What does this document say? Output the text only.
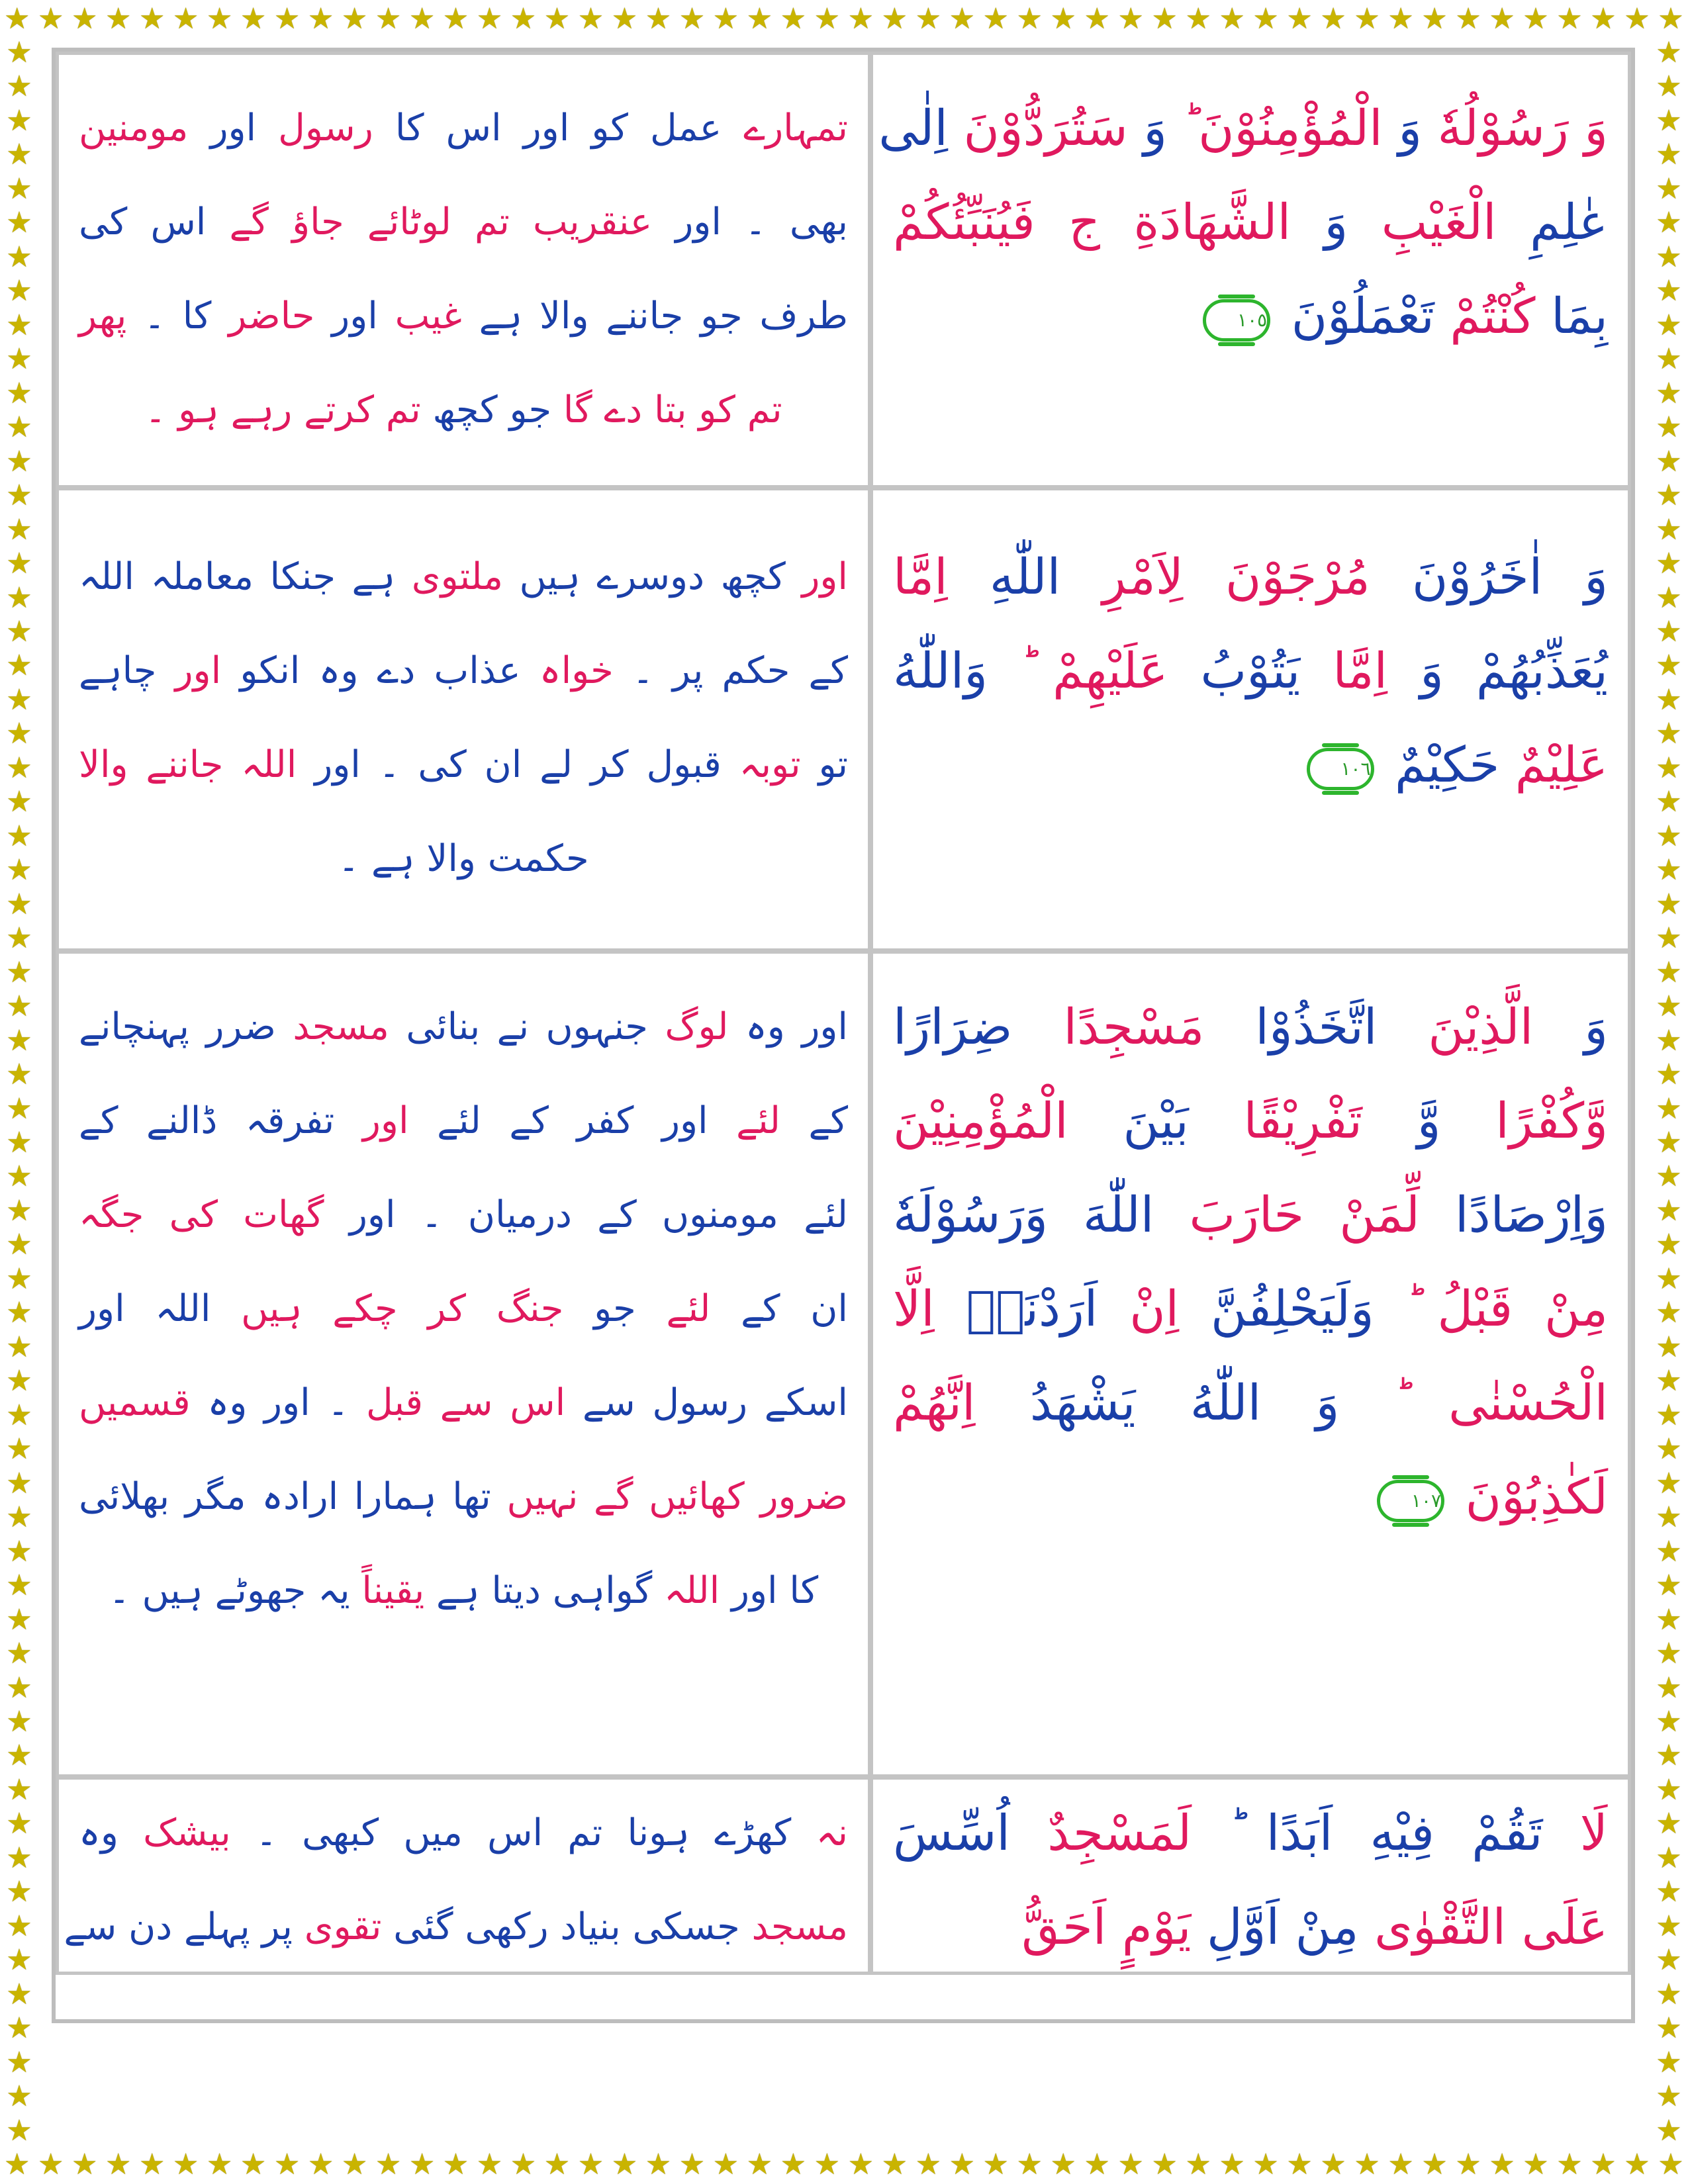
★ ★ ★ ★ ★ ★ ★ ★ ★ ★ ★ ★ ★ ★ ★ ★ ★ ★ ★ ★ ★ ★ ★ ★ ★ ★ ★ ★ ★ ★ ★ ★ ★ ★ ★ ★ ★ ★ ★ ★ ★ ★ ★ ★ ★ ★ ★ ★ ★ ★
★ ★ ★ ★ ★ ★ ★ ★ ★ ★ ★ ★ ★ ★ ★ ★ ★ ★ ★ ★ ★ ★ ★ ★ ★ ★ ★ ★ ★ ★ ★ ★ ★ ★ ★ ★ ★ ★ ★ ★ ★ ★ ★ ★ ★ ★ ★ ★ ★ ★
★
★
★
★
★
★
★
★
★
★
★
★
★
★
★
★
★
★
★
★
★
★
★
★
★
★
★
★
★
★
★
★
★
★
★
★
★
★
★
★
★
★
★
★
★
★
★
★
★
★
★
★
★
★
★
★
★
★
★
★
★
★
★
★
★
★
★
★
★
★
★
★
★
★
★
★
★
★
★
★
★
★
★
★
★
★
★
★
★
★
★
★
★
★
★
★
★
★
★
★
★
★
★
★
★
★
★
★
★
★
★
★
★
★
★
★
★
★
★
★
★
★
★
★
وَ رَسُوْلُهٗ وَ الْمُؤْمِنُوْنَ ؕ وَ سَتُرَدُّوْنَ اِلٰى
عٰلِمِ الْغَيْبِ وَ الشَّهَادَةِ ج فَيُنَبِّئُكُمْ
بِمَا كُنْتُمْ تَعْمَلُوْنَ ١٠٥
تمہارے عمل کو اور اس کا رسول اور مومنین
بھی ۔ اور عنقریب تم لوٹائے جاؤ گے اس کی
طرف جو جاننے والا ہے غیب اور حاضر کا ۔ پھر
تم کو بتا دے گا جو کچھ تم کرتے رہے ہو ۔
وَ اٰخَرُوْنَ مُرْجَوْنَ لِاَمْرِ اللّٰهِ اِمَّا
يُعَذِّبُهُمْ وَ اِمَّا يَتُوْبُ عَلَيْهِمْ ؕ وَاللّٰهُ
عَلِيْمٌ حَكِيْمٌ ١٠٦
اور کچھ دوسرے ہیں ملتوی ہے جنکا معاملہ اللہ
کے حکم پر ۔ خواہ عذاب دے وہ انکو اور چاہے
تو توبہ قبول کر لے ان کی ۔ اور اللہ جاننے والا
حکمت والا ہے ۔
وَ الَّذِيْنَ اتَّخَذُوْا مَسْجِدًا ضِرَارًا
وَّكُفْرًا وَّ تَفْرِيْقًا بَيْنَ الْمُؤْمِنِيْنَ
وَاِرْصَادًا لِّمَنْ حَارَبَ اللّٰهَ وَرَسُوْلَهٗ
مِنْ قَبْلُ ؕ وَلَيَحْلِفُنَّ اِنْ اَرَدْنَاۤ اِلَّا
الْحُسْنٰى ؕ وَ اللّٰهُ يَشْهَدُ اِنَّهُمْ
لَكٰذِبُوْنَ ١٠٧
اور وہ لوگ جنہوں نے بنائی مسجد ضرر پہنچانے
کے لئے اور کفر کے لئے اور تفرقہ ڈالنے کے
لئے مومنوں کے درمیان ۔ اور گھات کی جگہ
ان کے لئے جو جنگ کر چکے ہیں اللہ اور
اسکے رسول سے اس سے قبل ۔ اور وہ قسمیں
ضرور کھائیں گے نہیں تھا ہمارا ارادہ مگر بھلائی
کا اور اللہ گواہی دیتا ہے یقیناً یہ جھوٹے ہیں ۔
لَا تَقُمْ فِيْهِ اَبَدًا ؕ لَمَسْجِدٌ اُسِّسَ
عَلَى التَّقْوٰى مِنْ اَوَّلِ يَوْمٍ اَحَقُّ
نہ کھڑے ہونا تم اس میں کبھی ۔ بیشک وہ
مسجد جسکی بنیاد رکھی گئی تقوی پر پہلے دن سے
